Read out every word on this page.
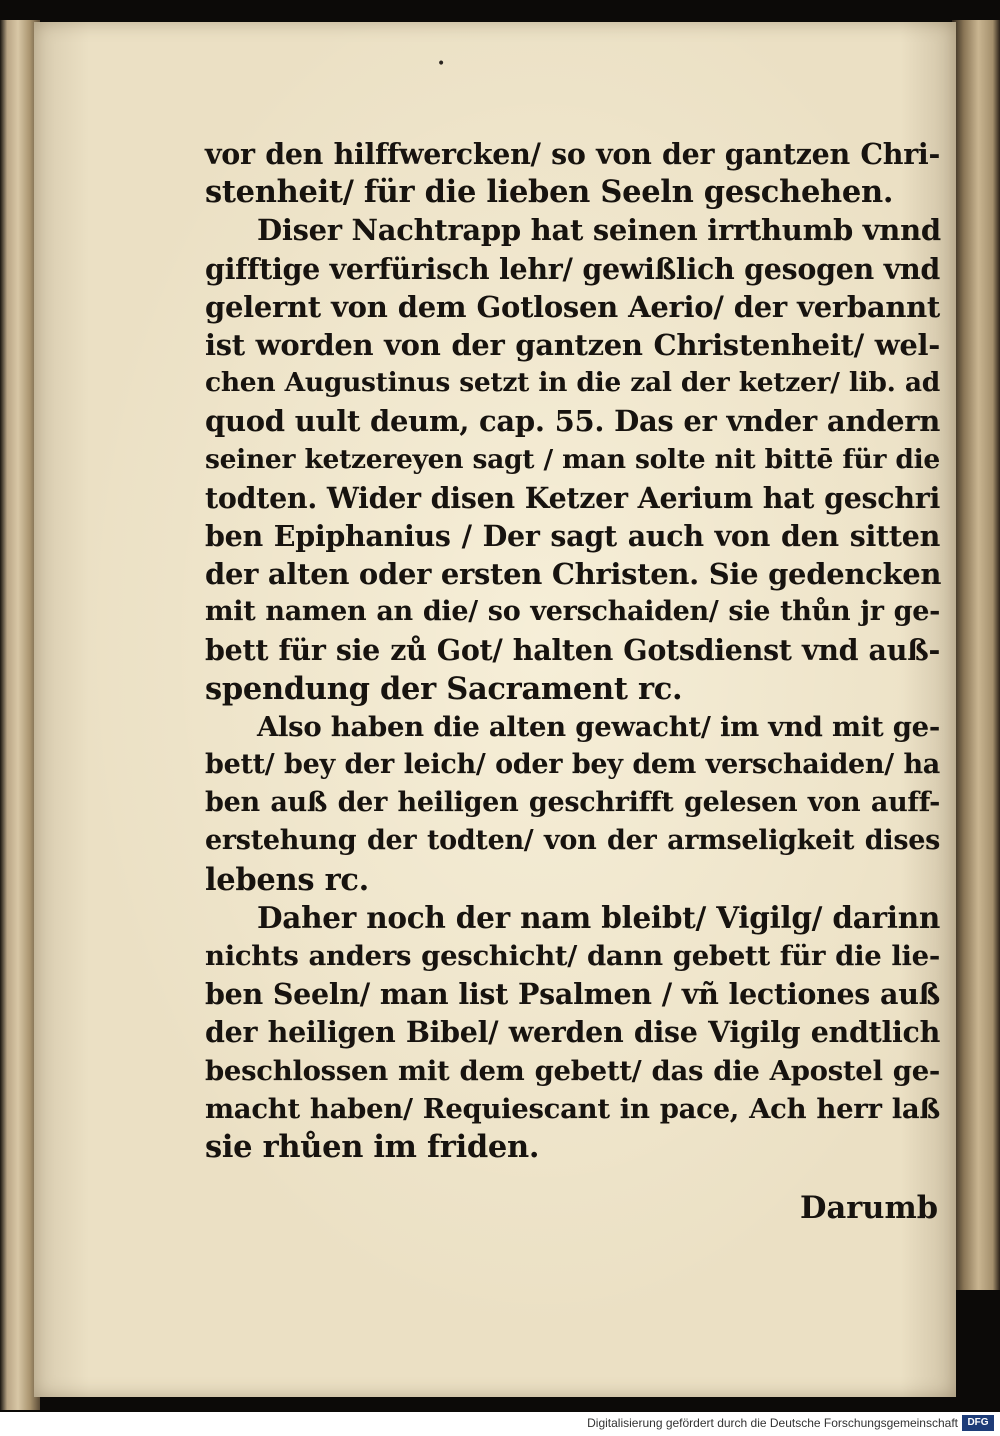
•
vor den hilffwercken/ so von der gantzen Chri-
stenheit/ für die lieben Seeln geschehen.
Diser Nachtrapp hat seinen irrthumb vnnd
gifftige verfürisch lehr/ gewißlich gesogen vnd
gelernt von dem Gotlosen Aerio/ der verbannt
ist worden von der gantzen Christenheit/ wel-
chen Augustinus setzt in die zal der ketzer/ lib. ad
quod uult deum, cap. 55. Das er vnder andern
seiner ketzereyen sagt / man solte nit bittē für die
todten. Wider disen Ketzer Aerium hat geschri
ben Epiphanius / Der sagt auch von den sitten
der alten oder ersten Christen. Sie gedencken
mit namen an die/ so verschaiden/ sie thůn jr ge-
bett für sie zů Got/ halten Gotsdienst vnd auß-
spendung der Sacrament rc.
Also haben die alten gewacht/ im vnd mit ge-
bett/ bey der leich/ oder bey dem verschaiden/ ha
ben auß der heiligen geschrifft gelesen von auff-
erstehung der todten/ von der armseligkeit dises
lebens rc.
Daher noch der nam bleibt/ Vigilg/ darinn
nichts anders geschicht/ dann gebett für die lie-
ben Seeln/ man list Psalmen / vñ lectiones auß
der heiligen Bibel/ werden dise Vigilg endtlich
beschlossen mit dem gebett/ das die Apostel ge-
macht haben/ Requiescant in pace, Ach herr laß
sie rhůen im friden.
Darumb
Digitalisierung gefördert durch die Deutsche Forschungsgemeinschaft DFG
